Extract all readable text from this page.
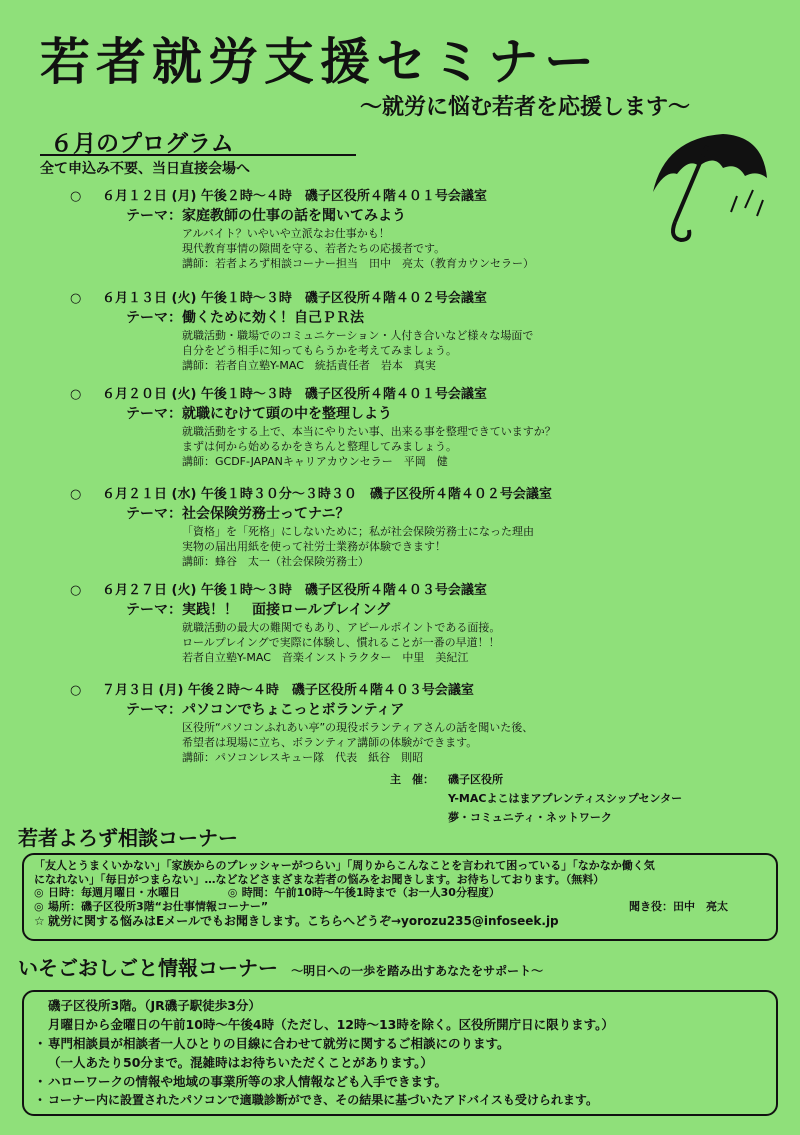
若者就労支援セミナー
～就労に悩む若者を応援します～
６月のプログラム
全て申込み不要、当日直接会場へ
○ ６月１２日 (月) 午後２時～４時　磯子区役所４階４０１号会議室
テーマ：家庭教師の仕事の話を聞いてみよう
アルバイト？いやいや立派なお仕事かも！
現代教育事情の隙間を守る、若者たちの応援者です。
講師：若者よろず相談コーナー担当　田中　亮太（教育カウンセラー）
○ ６月１３日 (火) 午後１時～３時　磯子区役所４階４０２号会議室
テーマ：働くために効く！自己ＰＲ法
就職活動・職場でのコミュニケーション・人付き合いなど様々な場面で
自分をどう相手に知ってもらうかを考えてみましょう。
講師：若者自立塾Y-MAC　統括責任者　岩本　真実
○ ６月２０日 (火) 午後１時～３時　磯子区役所４階４０１号会議室
テーマ：就職にむけて頭の中を整理しよう
就職活動をする上で、本当にやりたい事、出来る事を整理できていますか？
まずは何から始めるかをきちんと整理してみましょう。
講師：GCDF-JAPANキャリアカウンセラー　平岡　健
○ ６月２１日 (水) 午後１時３０分～３時３０　磯子区役所４階４０２号会議室
テーマ：社会保険労務士ってナニ？
「資格」を「死格」にしないために；私が社会保険労務士になった理由
実物の届出用紙を使って社労士業務が体験できます！
講師：蜂谷　太一（社会保険労務士）
○ ６月２７日 (火) 午後１時～３時　磯子区役所４階４０３号会議室
テーマ：実践！！　面接ロールプレイング
就職活動の最大の難関でもあり、アピールポイントである面接。
ロールプレイングで実際に体験し、慣れることが一番の早道！！
若者自立塾Y-MAC　音楽インストラクター　中里　美紀江
○ ７月３日 (月) 午後２時～４時　磯子区役所４階４０３号会議室
テーマ：パソコンでちょこっとボランティア
区役所“パソコンふれあい亭”の現役ボランティアさんの話を聞いた後、
希望者は現場に立ち、ボランティア講師の体験ができます。
講師：パソコンレスキュー隊　代表　紙谷　則昭
主　催： 磯子区役所
Y-MACよこはまアプレンティスシップセンター
夢・コミュニティ・ネットワーク
若者よろず相談コーナー
「友人とうまくいかない」「家族からのプレッシャーがつらい」「周りからこんなことを言われて困っている」「なかなか働く気
になれない」「毎日がつまらない」…などなどさまざまな若者の悩みをお聞きします。お待ちしております。（無料）
◎ 日時：毎週月曜日・水曜日	◎ 時間：午前10時～午後1時まで（お一人30分程度）
◎ 場所：磯子区役所3階“お仕事情報コーナー”	聞き役：田中　亮太
☆ 就労に関する悩みはEメールでもお聞きします。こちらへどうぞ→yorozu235@infoseek.jp
いそごおしごと情報コーナー ～明日への一歩を踏み出すあなたをサポート～
磯子区役所3階。（JR磯子駅徒歩3分）
月曜日から金曜日の午前10時～午後4時（ただし、12時～13時を除く。区役所開庁日に限ります。）
・専門相談員が相談者一人ひとりの目線に合わせて就労に関するご相談にのります。
（一人あたり50分まで。混雑時はお待ちいただくことがあります。）
・ハローワークの情報や地域の事業所等の求人情報なども入手できます。
・ コーナー内に設置されたパソコンで適職診断ができ、その結果に基づいたアドバイスも受けられます。
